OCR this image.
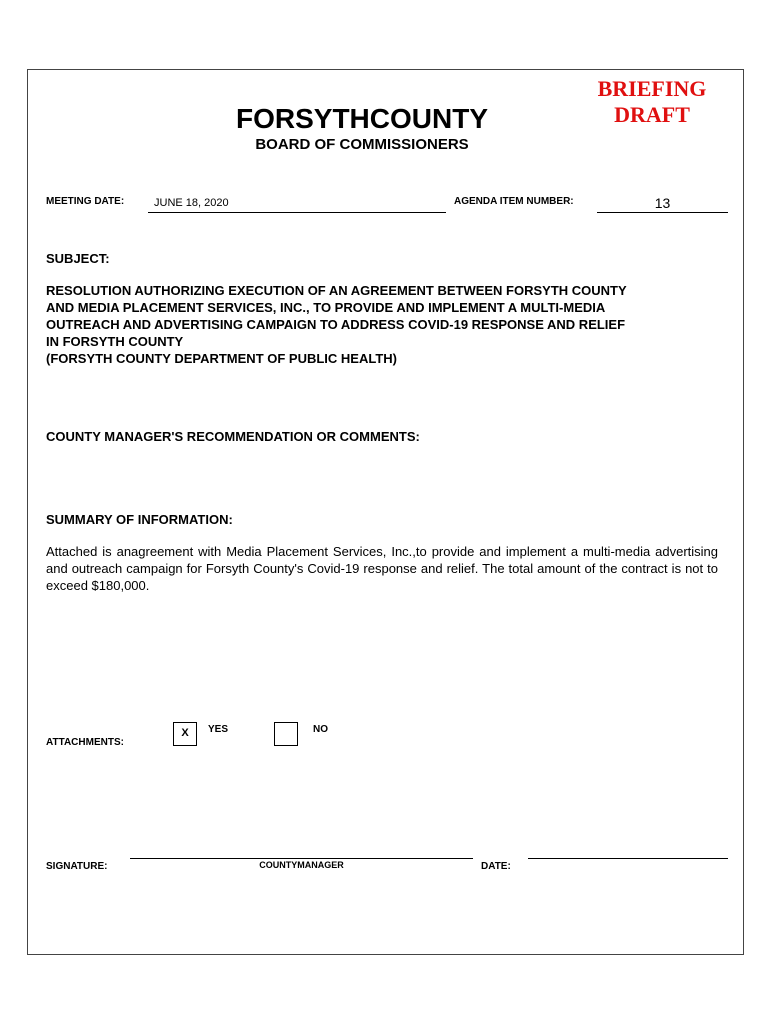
BRIEFING
DRAFT
FORSYTHCOUNTY
BOARD OF COMMISSIONERS
MEETING DATE:	JUNE 18, 2020	AGENDA ITEM NUMBER:	13
SUBJECT:
RESOLUTION AUTHORIZING EXECUTION OF AN AGREEMENT BETWEEN FORSYTH COUNTY
AND MEDIA PLACEMENT SERVICES, INC., TO PROVIDE AND IMPLEMENT A MULTI-MEDIA
OUTREACH AND ADVERTISING CAMPAIGN TO ADDRESS COVID-19 RESPONSE AND RELIEF
IN FORSYTH COUNTY
(FORSYTH COUNTY DEPARTMENT OF PUBLIC HEALTH)
COUNTY MANAGER'S RECOMMENDATION OR COMMENTS:
SUMMARY OF INFORMATION:
Attached is anagreement with Media Placement Services, Inc.,to provide and implement a multi-media advertising and outreach campaign for Forsyth County's Covid-19 response and relief. The total amount of the contract is not to exceed $180,000.
ATTACHMENTS:
X	YES	NO
SIGNATURE:	COUNTYMANAGER	DATE:
